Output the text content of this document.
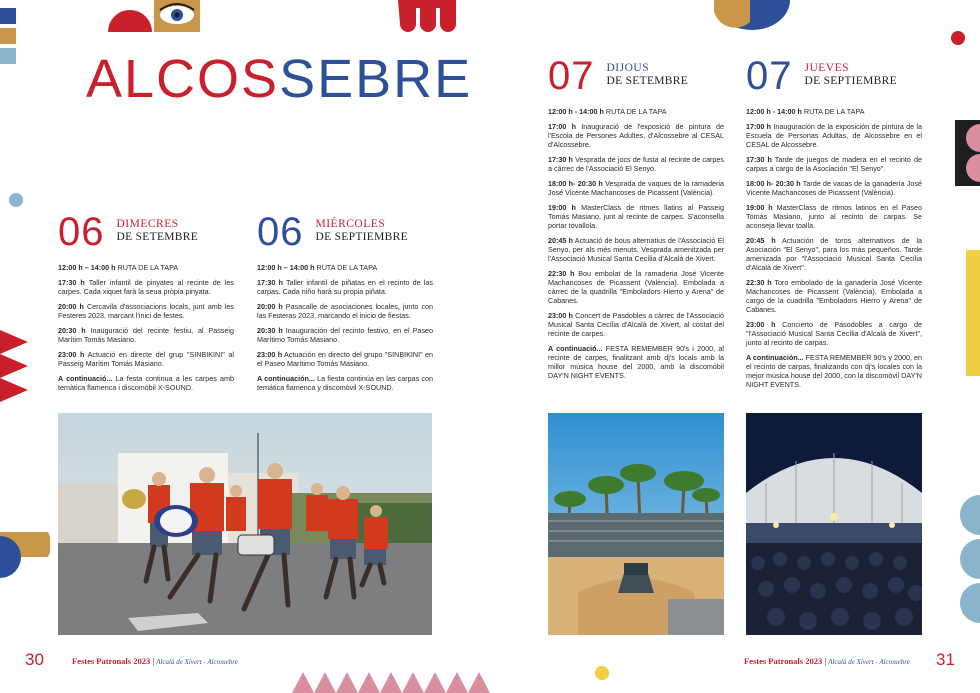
ALCOSSEBRE
06 DIMECRES
DE SETEMBRE

12:00 h – 14:00 h RUTA DE LA TAPA

17:30 h Taller infantil de pinyates al recinte de les carpes. Cada xiquet farà la seua pròpia pinyata.

20:00 h Cercavila d'associacions locals, junt amb les Festeres 2023, marcant l'inici de festes.

20:30 h Inauguració del recinte festiu, al Passeig Marítim Tomás Masiano.

23:00 h Actuació en directe del grup "SINBIKINI" al Passeig Marítim Tomás Masiano.

A continuació... La festa continua a les carpes amb temàtica flamenca i discomòbil X-SOUND.

06 MIÉRCOLES
DE SEPTIEMBRE

12:00 h – 14:00 h RUTA DE LA TAPA

17:30 h Taller infantil de piñatas en el recinto de las carpas. Cada niño hará su propia piñata.

20:00 h Pasacalle de asociaciones locales, junto con las Festeras 2023, marcando el inicio de fiestas.

20:30 h Inauguración del recinto festivo, en el Paseo Marítimo Tomás Masiano.

23:00 h Actuación en directo del grupo "SINBIKINI" en el Paseo Marítimo Tomás Masiano.

A continuación... La fiesta continúa en las carpas con temática flamenca y discomòvil X-SOUND.

07 DIJOUS
DE SETEMBRE

12:00 h - 14:00 h RUTA DE LA TAPA

17:00 h Inauguració de l'exposició de pintura de l'Escola de Persones Adultes, d'Alcossebre al CESAL d'Alcossebre.

17:30 h Vesprada de jocs de fusta al recinte de carpes a càrrec de l'Associació El Senyo.

18:00 h- 20:30 h Vesprada de vaques de la ramaderia José Vicente Machancoses de Picassent (València).

19:00 h MasterClass de ritmes llatins al Passeig Tomás Masiano, junt al recinte de carpes. S'aconsella portar tovallola.

20:45 h Actuació de bous alternatius de l'Associació El Senyo, per als més menuts. Vesprada amenitzada per l'Associació Musical Santa Cecília d'Alcalà de Xivert.

22:30 h Bou embolat de la ramaderia José Vicente Machancoses de Picassent (València). Embolada a càrrec de la quadrilla "Emboladors Hierro y Arena" de Cabanes.

23:00 h Concert de Pasdobles a càrrec de l'Associació Musical Santa Cecília d'Alcalà de Xivert, al costat del recinte de carpes.

A continuació... FESTA REMEMBER 90's i 2000, al recinte de carpes, finalitzant amb dj's locals amb la millor música house del 2000, amb la discomòbil DAY'N NIGHT EVENTS.

07 JUEVES
DE SEPTIEMBRE

12:00 h - 14:00 h RUTA DE LA TAPA

17:00 h Inauguración de la exposición de pintura de la Escuela de Personas Adultas, de Alcossebre en el CESAL de Alcossebre.

17:30 h Tarde de juegos de madera en el recinto de carpas a cargo de la Asociación "El Senyo".

18:00 h- 20:30 h Tarde de vacas de la ganadería José Vicente Machancoses de Picassent (València).

19:00 h MasterClass de ritmos latinos en el Paseo Tomás Masiano, junto al recinto de carpas. Se aconseja llevar toalla.

20:45 h Actuación de toros alternativos de la Asociación "El Senyo", para los más pequeños. Tarde amenizada por "l'Associació Musical Santa Cecília d'Alcalà de Xivert".

22:30 h Toro embolado de la ganadería José Vicente Machancoses de Picassent (València). Embolada a cargo de la cuadrilla "Emboladors Hierro y Arena" de Cabanes.

23:00 h Concierto de Pasodobles a cargo de "l'Associació Musical Santa Cecília d'Alcalà de Xivert", junto al recinto de carpas.

A continuación... FESTA REMEMBER 90's y 2000, en el recinto de carpas, finalizando con dj's locales con la mejor música house del 2000, con la discomòvil DAY'N NIGHT EVENTS.

30	Festes Patronals 2023 | Alcalà de Xivert - Alcossebre	Festes Patronals 2023 | Alcalà de Xivert - Alcossebre 31
